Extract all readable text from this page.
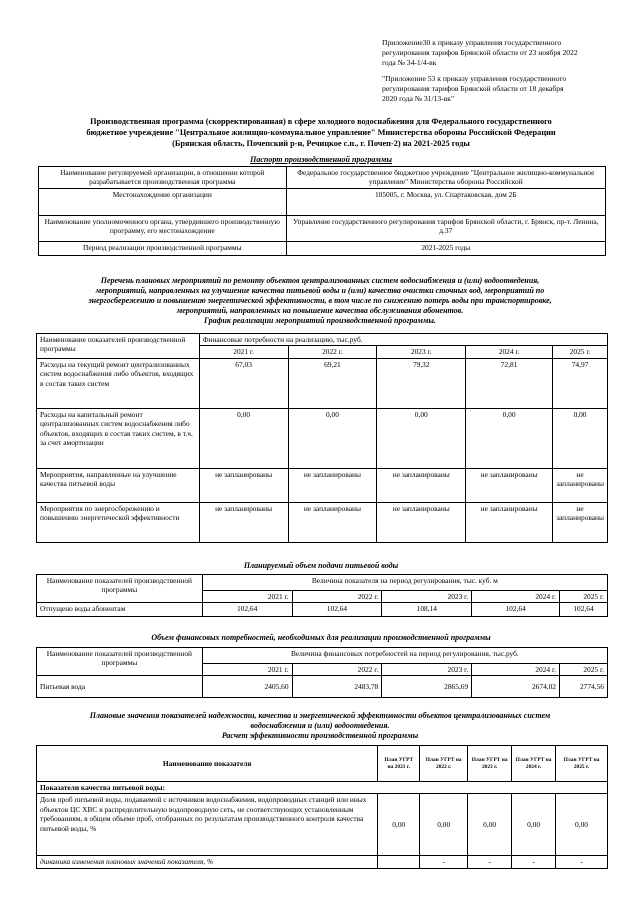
Приложение30 к приказу управления государственного
регулирования тарифов Брянской области от 23 ноября 2022
года № 34-1/4-вк
"Приложение 53 к приказу управления государственного
регулирования тарифов Брянской области от 18 декабря
2020 года № 31/13-вк"
Производственная программа (скорректированная) в сфере холодного водоснабжения для Федерального государственного
бюджетное учреждение "Центральное жилищно-коммунальное управление" Министерства обороны Российской Федерации
(Брянская область, Почепский р-н, Речицкое с.п., г. Почеп-2) на 2021-2025 годы
Паспорт производственной программы
Наименование регулируемой организации, в отношении которой разрабатывается производственная программа	Федеральное государственное бюджетное учреждение "Центральное жилищно-коммунальное управление" Министерства обороны Российской
Местонахождение организации	105005, г. Москва, ул. Спартаковская, дом 2Б
Наименование уполномоченного органа, утвердившего производственную программу, его местонахождение	Управление государственного регулирования тарифов Брянской области, г. Брянск, пр-т. Ленина, д.37
Период реализации производственной программы	2021-2025 годы
Перечень плановых мероприятий по ремонту объектов централизованных систем водоснабжения и (или) водоотведения,
мероприятий, направленных на улучшение качества питьевой воды и (или) качества очистки сточных вод, мероприятий по
энергосбережению и повышению энергетической эффективности, в том числе по снижению потерь воды при транспортировке,
мероприятий, направленных на повышение качества обслуживания абонентов.
График реализации мероприятий производственной программы.
Наименование показателей производственной программы	Финансовые потребности на реализацию, тыс.руб.				
	2021 г.	2022 г.	2023 г.	2024 г.	2025 г.
Расходы на текущий ремонт централизованных систем водоснабжения либо объектов, входящих в состав таких систем	67,03	69,21	79,32	72,81	74,97
Расходы на капитальный ремонт централизованных систем водоснабжения либо объектов, входящих в состав таких систем, в т.ч. за счет амортизации	0,00	0,00	0,00	0,00	0,00
Мероприятия, направленные на улучшение качества питьевой воды	не запланированы	не запланированы	не запланированы	не запланированы	не запланированы
Мероприятия по энергосбережению и повышению энергетической эффективности	не запланированы	не запланированы	не запланированы	не запланированы	не запланированы
Планируемый объем подачи питьевой воды
Наименование показателей производственной программы	Величина показателя на период регулирования, тыс. куб. м				
	2021 г.	2022 г.	2023 г.	2024 г.	2025 г.
Отпущено воды абонентам	102,64	102,64	108,14	102,64	102,64
Объем финансовых потребностей, необходимых для реализации производственной программы
Наименование показателей производственной программы	Величина финансовых потребностей на период регулирования, тыс.руб.				
	2021 г.	2022 г.	2023 г.	2024 г.	2025 г.
Питьевая вода	2405,60	2483,78	2865,69	2674,02	2774,56
Плановые значения показателей надежности, качества и энергетической эффективности объектов централизованных систем
водоснабжения и (или) водоотведения.
Расчет эффективности производственной программы
Наименование показателя	План УГРТ на 2021 г.	План УГРТ на 2022 г.	План УГРТ на 2023 г.	План УГРТ на 2024 г.	План УГРТ на 2025 г.
Показатели качества питьевой воды:					
Доля проб питьевой воды, подаваемой с источников водоснабжения, водопроводных станций или иных объектов ЦС ХВС в распределительную водопроводную сеть, не соответствующих установленным требованиям, в общем объеме проб, отобранных по результатам производственного контроля качества питьевой воды, %	0,00	0,00	0,00	0,00	0,00
динамика изменения плановых значений показателя, %		-	-	-	-
